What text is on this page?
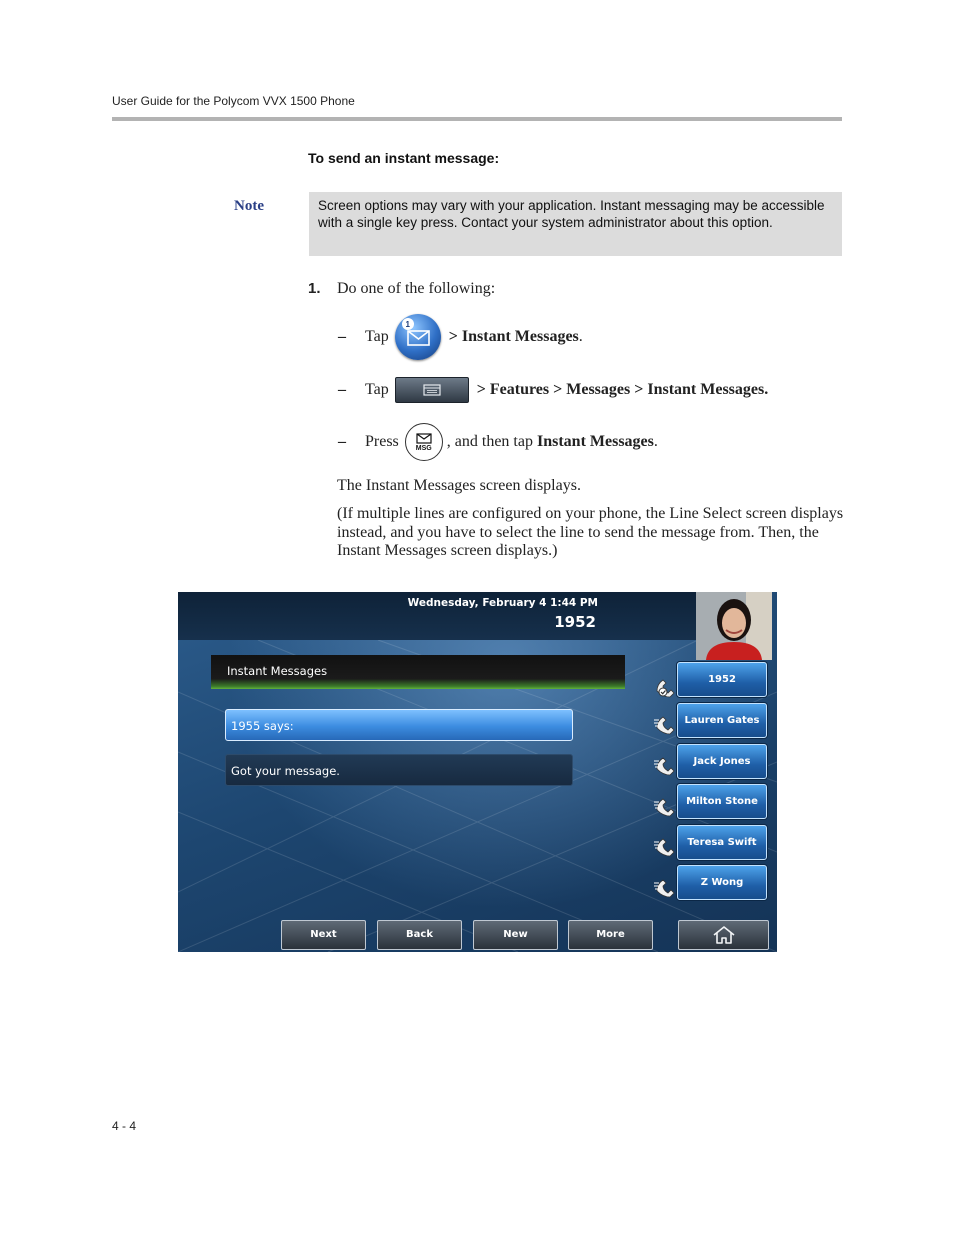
User Guide for the Polycom VVX 1500 Phone
To send an instant message:
Note	Screen options may vary with your application. Instant messaging may be accessible with a single key press. Contact your system administrator about this option.
1. Do one of the following:
–	Tap
1
> Instant Messages .
–	Tap	> Features > Messages > Instant Messages.
–	Press MSG , and then tap
Instant Messages .
The Instant Messages screen displays.
(If multiple lines are configured on your phone, the Line Select screen displays instead, and you have to select the line to send the message from. Then, the Instant Messages screen displays.)
Wednesday, February 4 1:44 PM
1952
Instant Messages
1955 says:
Got your message.
1952
Lauren Gates
Jack Jones
Milton Stone
Teresa Swift
Z Wong
Next	Back	New	More
4 - 4
